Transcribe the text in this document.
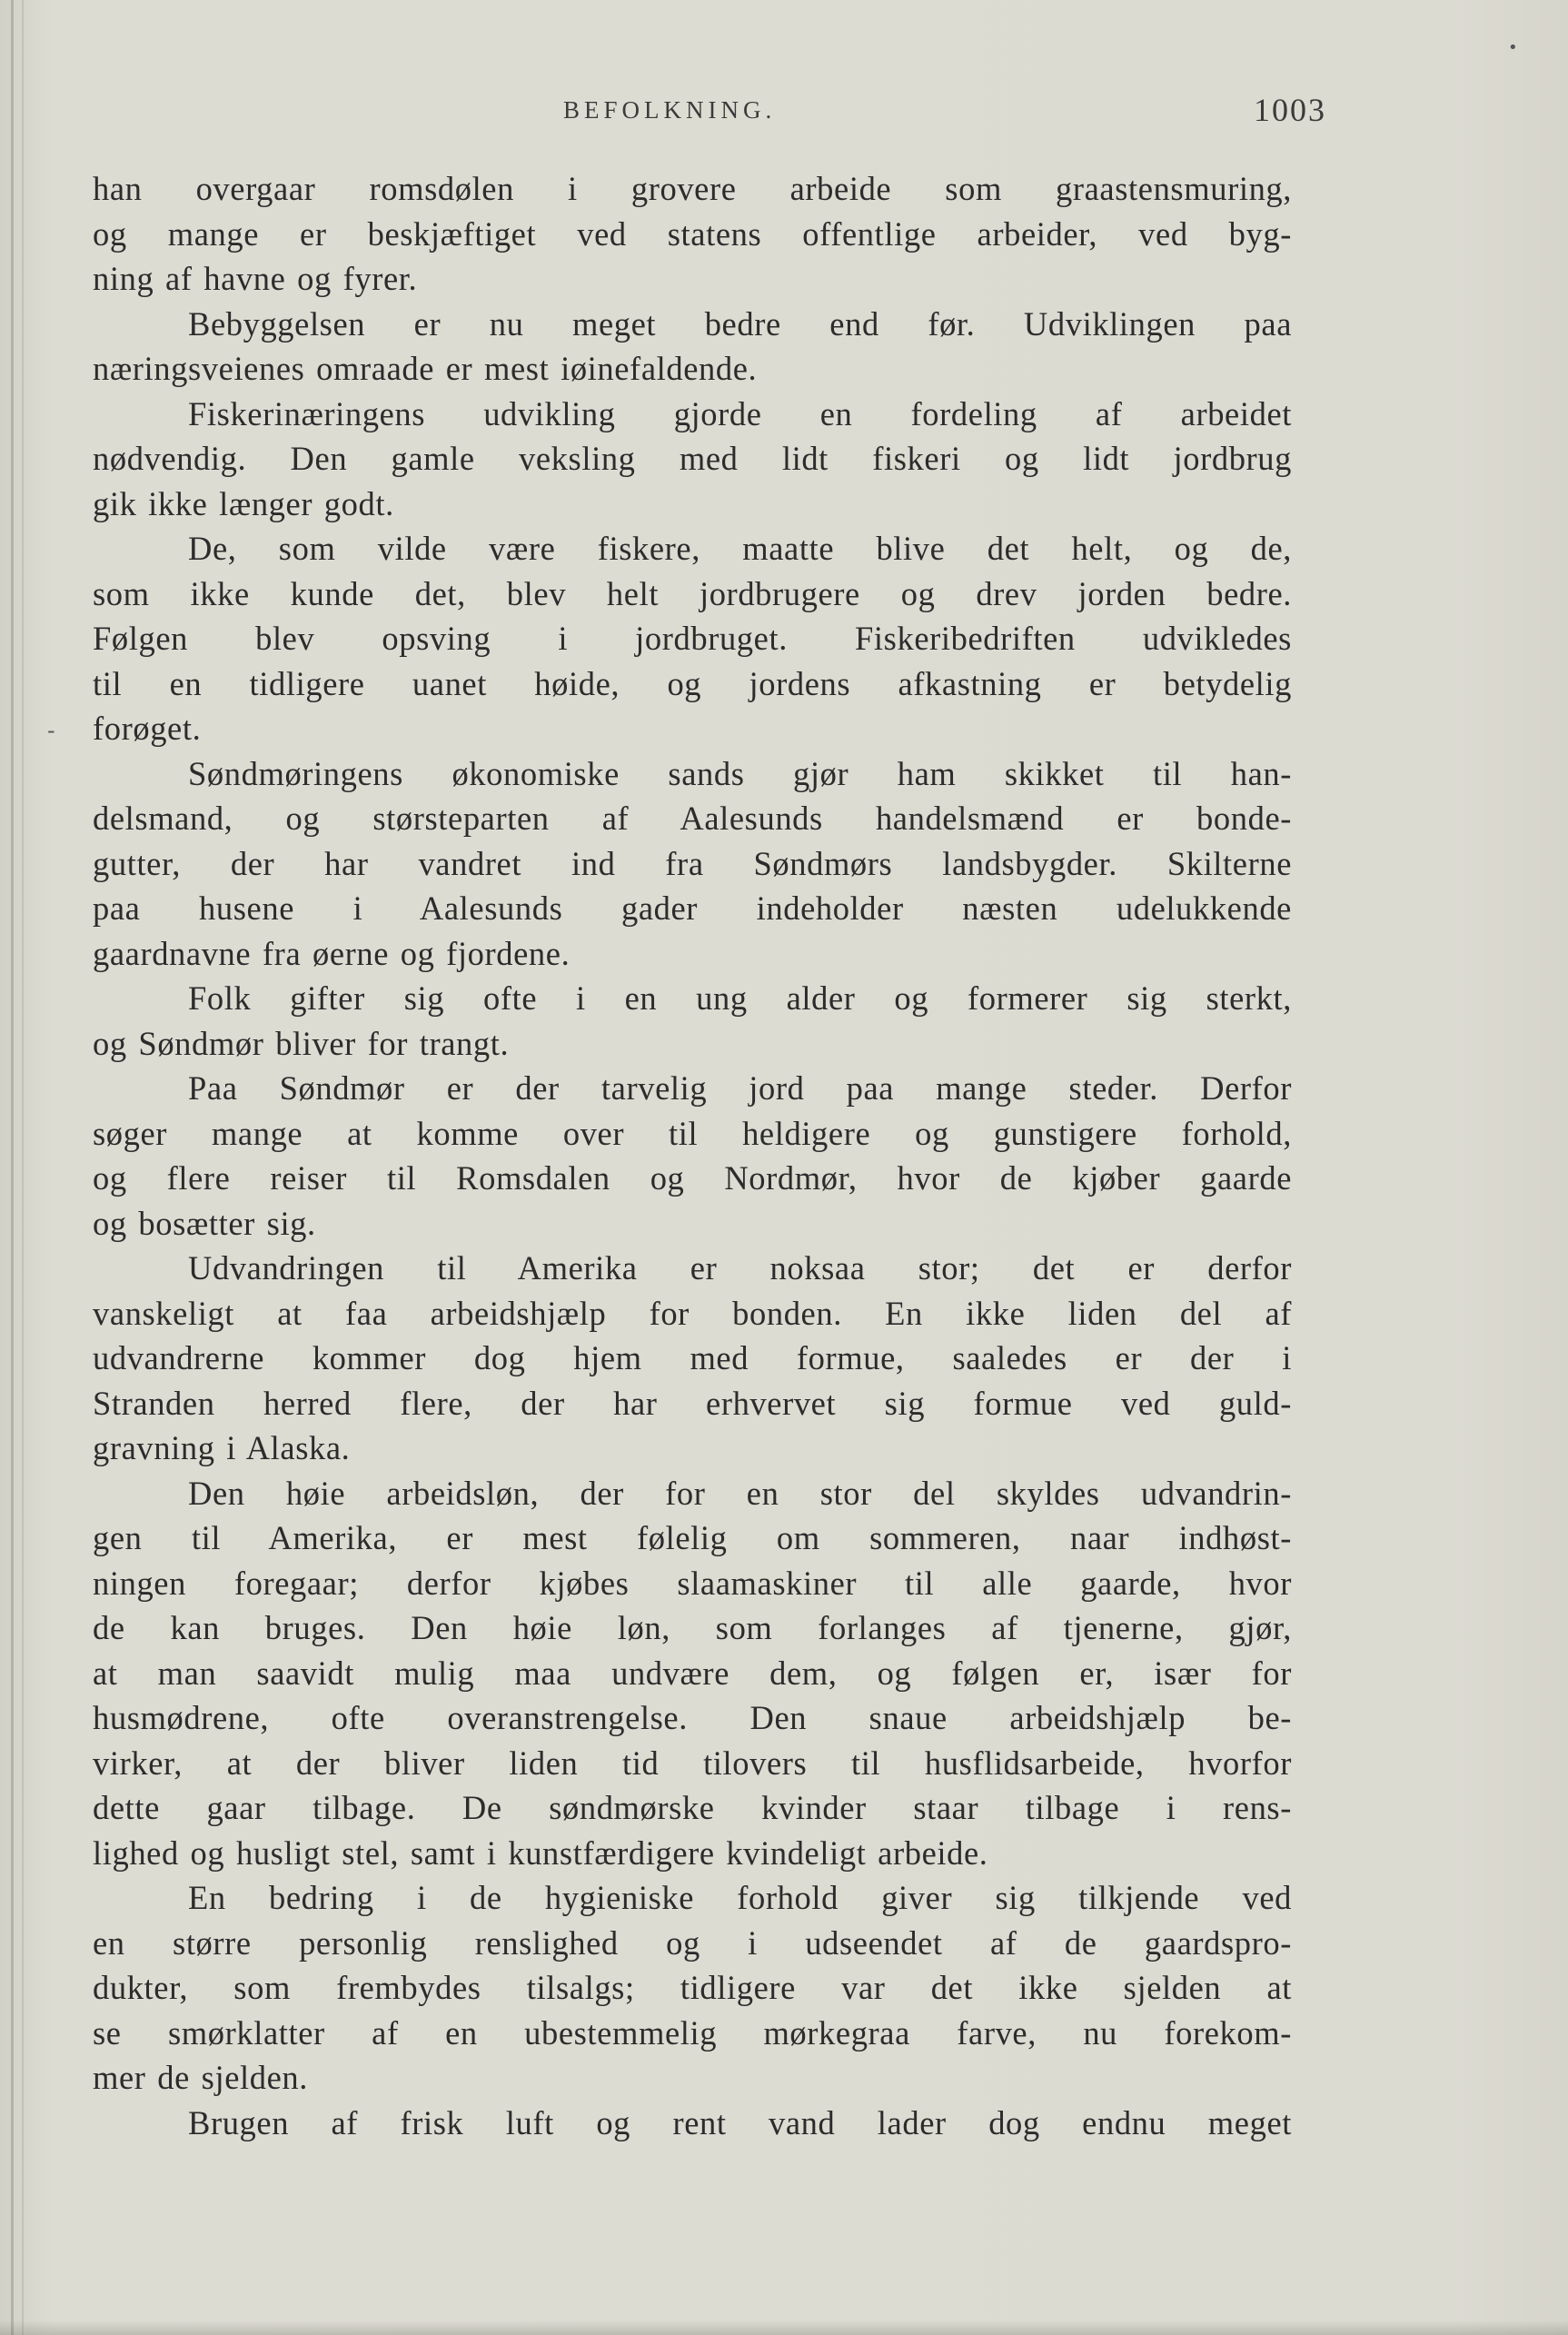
•
BEFOLKNING.	1003
-
han overgaar romsdølen i grovere arbeide som graastensmuring,
og mange er beskjæftiget ved statens offentlige arbeider, ved byg-
ning af havne og fyrer.
Bebyggelsen er nu meget bedre end før. Udviklingen paa
næringsveienes omraade er mest iøinefaldende.
Fiskerinæringens udvikling gjorde en fordeling af arbeidet
nødvendig. Den gamle veksling med lidt fiskeri og lidt jordbrug
gik ikke længer godt.
De, som vilde være fiskere, maatte blive det helt, og de,
som ikke kunde det, blev helt jordbrugere og drev jorden bedre.
Følgen blev opsving i jordbruget. Fiskeribedriften udvikledes
til en tidligere uanet høide, og jordens afkastning er betydelig
forøget.
Søndmøringens økonomiske sands gjør ham skikket til han-
delsmand, og størsteparten af Aalesunds handelsmænd er bonde-
gutter, der har vandret ind fra Søndmørs landsbygder. Skilterne
paa husene i Aalesunds gader indeholder næsten udelukkende
gaardnavne fra øerne og fjordene.
Folk gifter sig ofte i en ung alder og formerer sig sterkt,
og Søndmør bliver for trangt.
Paa Søndmør er der tarvelig jord paa mange steder. Derfor
søger mange at komme over til heldigere og gunstigere forhold,
og flere reiser til Romsdalen og Nordmør, hvor de kjøber gaarde
og bosætter sig.
Udvandringen til Amerika er noksaa stor; det er derfor
vanskeligt at faa arbeidshjælp for bonden. En ikke liden del af
udvandrerne kommer dog hjem med formue, saaledes er der i
Stranden herred flere, der har erhvervet sig formue ved guld-
gravning i Alaska.
Den høie arbeidsløn, der for en stor del skyldes udvandrin-
gen til Amerika, er mest følelig om sommeren, naar indhøst-
ningen foregaar; derfor kjøbes slaamaskiner til alle gaarde, hvor
de kan bruges. Den høie løn, som forlanges af tjenerne, gjør,
at man saavidt mulig maa undvære dem, og følgen er, især for
husmødrene, ofte overanstrengelse. Den snaue arbeidshjælp be-
virker, at der bliver liden tid tilovers til husflidsarbeide, hvorfor
dette gaar tilbage. De søndmørske kvinder staar tilbage i rens-
lighed og husligt stel, samt i kunstfærdigere kvindeligt arbeide.
En bedring i de hygieniske forhold giver sig tilkjende ved
en større personlig renslighed og i udseendet af de gaardspro-
dukter, som frembydes tilsalgs; tidligere var det ikke sjelden at
se smørklatter af en ubestemmelig mørkegraa farve, nu forekom-
mer de sjelden.
Brugen af frisk luft og rent vand lader dog endnu meget
